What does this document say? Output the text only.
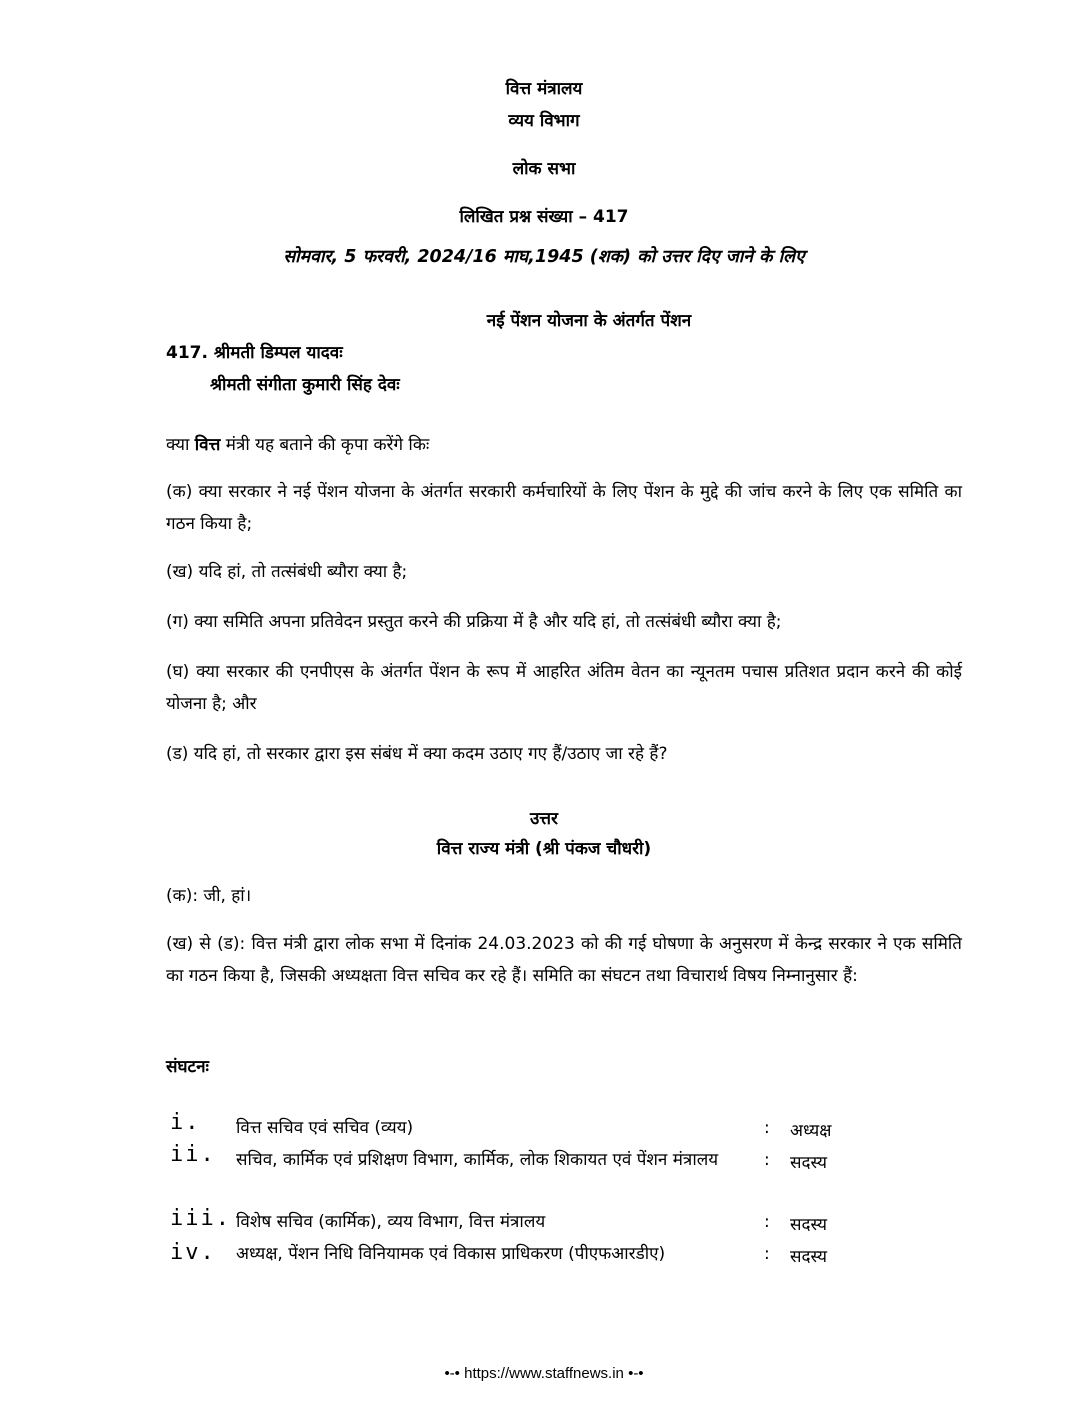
वित्त मंत्रालय
व्यय विभाग
लोक सभा
लिखित प्रश्न संख्या – 417
सोमवार, 5 फरवरी, 2024/16 माघ,1945 (शक) को उत्तर दिए जाने के लिए
नई पेंशन योजना के अंतर्गत पेंशन
417. श्रीमती डिम्पल यादवः
श्रीमती संगीता कुमारी सिंह देवः
क्या वित्त मंत्री यह बताने की कृपा करेंगे किः
(क) क्या सरकार ने नई पेंशन योजना के अंतर्गत सरकारी कर्मचारियों के लिए पेंशन के मुद्दे की जांच करने के लिए एक समिति का गठन किया है;
(ख) यदि हां, तो तत्संबंधी ब्यौरा क्या है;
(ग) क्या समिति अपना प्रतिवेदन प्रस्तुत करने की प्रक्रिया में है और यदि हां, तो तत्संबंधी ब्यौरा क्या है;
(घ) क्या सरकार की एनपीएस के अंतर्गत पेंशन के रूप में आहरित अंतिम वेतन का न्यूनतम पचास प्रतिशत प्रदान करने की कोई योजना है; और
(ड) यदि हां, तो सरकार द्वारा इस संबंध में क्या कदम उठाए गए हैं/उठाए जा रहे हैं?
उत्तर
वित्त राज्य मंत्री (श्री पंकज चौधरी)
(क): जी, हां।
(ख) से (ड): वित्त मंत्री द्वारा लोक सभा में दिनांक 24.03.2023 को की गई घोषणा के अनुसरण में केन्द्र सरकार ने एक समिति का गठन किया है, जिसकी अध्यक्षता वित्त सचिव कर रहे हैं। समिति का संघटन तथा विचारार्थ विषय निम्नानुसार हैं:
संघटनः
i. वित्त सचिव एवं सचिव (व्यय)	: अध्यक्ष
ii. सचिव, कार्मिक एवं प्रशिक्षण विभाग, कार्मिक, लोक शिकायत एवं पेंशन मंत्रालय	: सदस्य
iii. विशेष सचिव (कार्मिक), व्यय विभाग, वित्त मंत्रालय	: सदस्य
iv. अध्यक्ष, पेंशन निधि विनियामक एवं विकास प्राधिकरण (पीएफआरडीए)	: सदस्य
•-• https://www.staffnews.in •-•
